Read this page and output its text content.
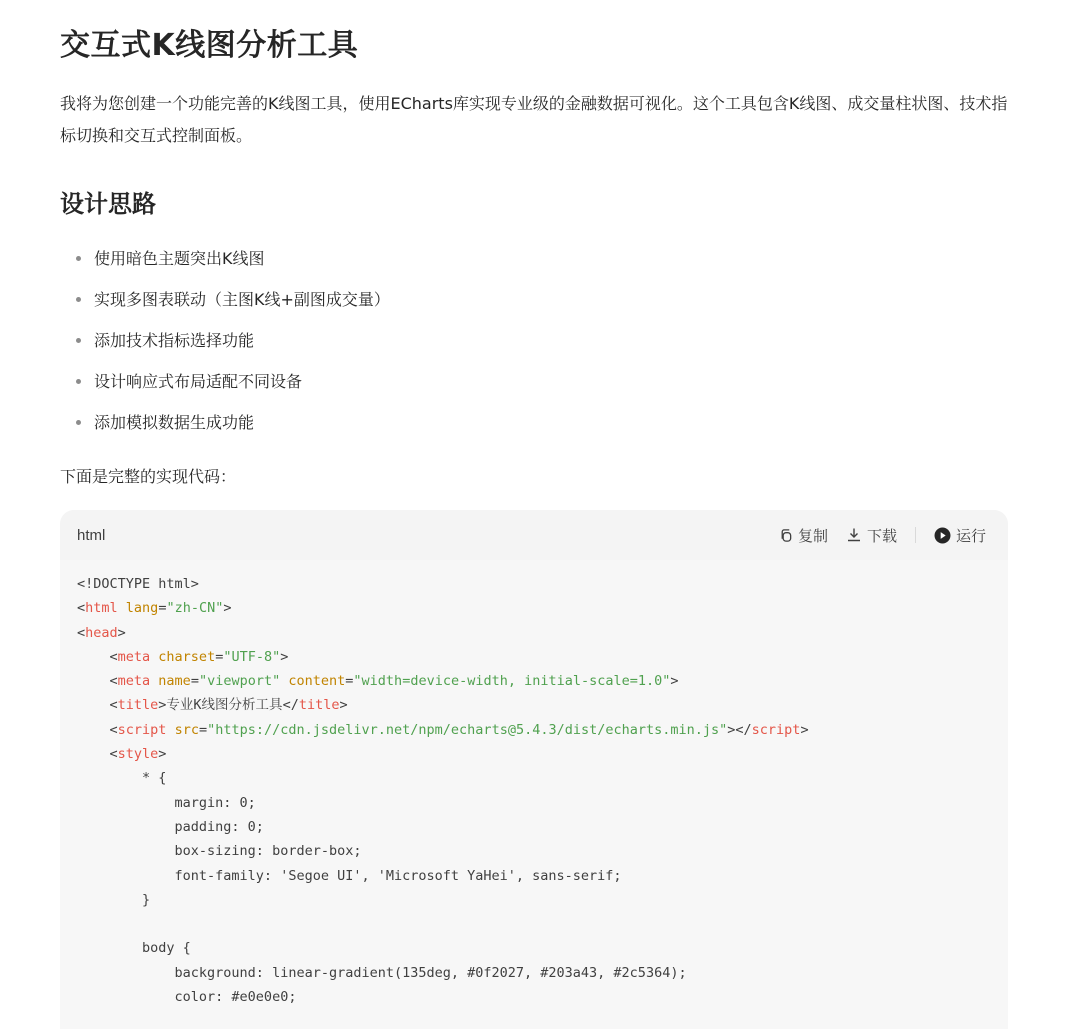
交互式K线图分析工具

我将为您创建一个功能完善的K线图工具，使用ECharts库实现专业级的金融数据可视化。这个工具包含K线图、成交量柱状图、技术指标切换和交互式控制面板。

设计思路
使用暗色主题突出K线图
实现多图表联动（主图K线+副图成交量）
添加技术指标选择功能
设计响应式布局适配不同设备
添加模拟数据生成功能

下面是完整的实现代码：

html	复制	下载	运行
<!DOCTYPE html>
<html lang="zh-CN">
<head>
<meta charset="UTF-8">
<meta name="viewport" content="width=device-width, initial-scale=1.0">
<title>专业K线图分析工具</title>
<script src="https://cdn.jsdelivr.net/npm/echarts@5.4.3/dist/echarts.min.js"></script>
<style>
* {
margin: 0;
padding: 0;
box-sizing: border-box;
font-family: 'Segoe UI', 'Microsoft YaHei', sans-serif;
}

body {
background: linear-gradient(135deg, #0f2027, #203a43, #2c5364);
color: #e0e0e0;
